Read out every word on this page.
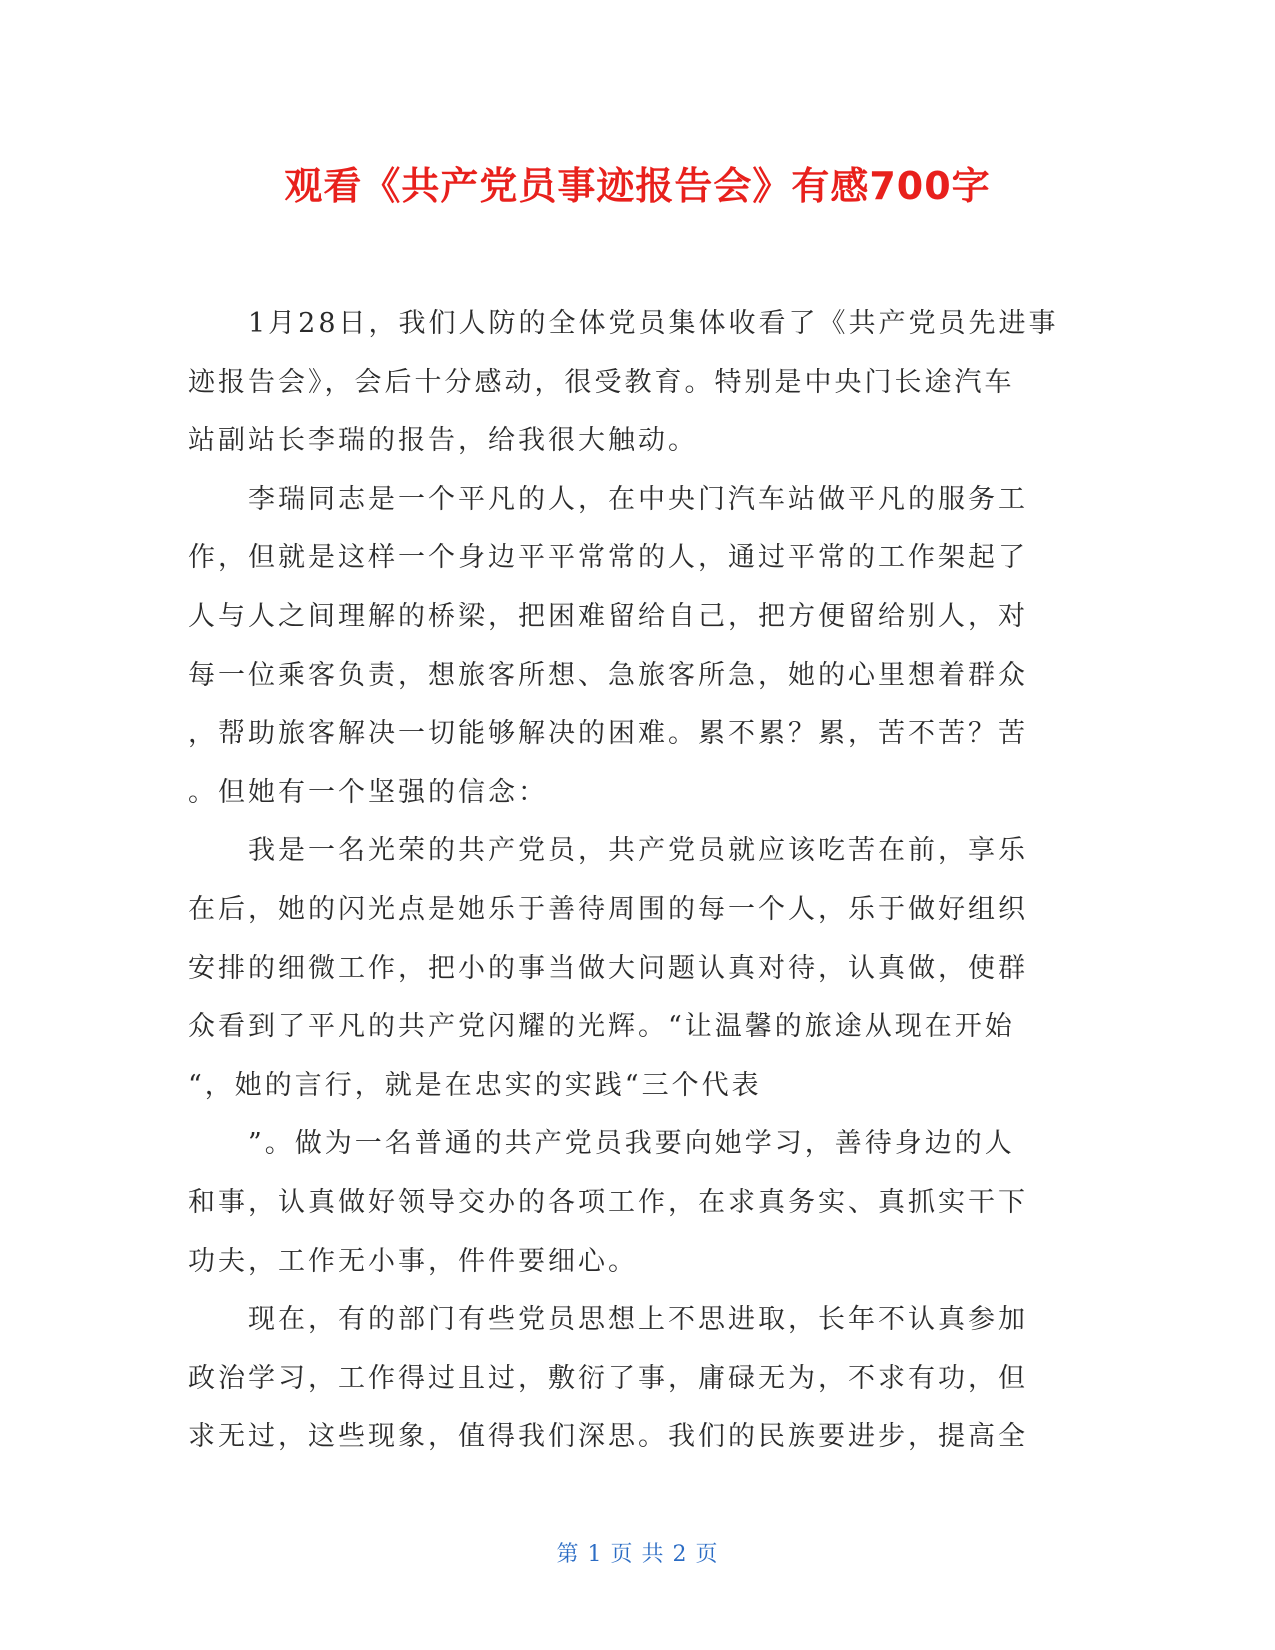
观看《共产党员事迹报告会》有感700字
　　1月28日，我们人防的全体党员集体收看了《共产党员先进事
迹报告会》，会后十分感动，很受教育。特别是中央门长途汽车
站副站长李瑞的报告，给我很大触动。
　　李瑞同志是一个平凡的人，在中央门汽车站做平凡的服务工
作，但就是这样一个身边平平常常的人，通过平常的工作架起了
人与人之间理解的桥梁，把困难留给自己，把方便留给别人，对
每一位乘客负责，想旅客所想、急旅客所急，她的心里想着群众
，帮助旅客解决一切能够解决的困难。累不累？累，苦不苦？苦
。但她有一个坚强的信念：
　　我是一名光荣的共产党员，共产党员就应该吃苦在前，享乐
在后，她的闪光点是她乐于善待周围的每一个人，乐于做好组织
安排的细微工作，把小的事当做大问题认真对待，认真做，使群
众看到了平凡的共产党闪耀的光辉。“让温馨的旅途从现在开始
“，她的言行，就是在忠实的实践“三个代表
　　”。做为一名普通的共产党员我要向她学习，善待身边的人
和事，认真做好领导交办的各项工作，在求真务实、真抓实干下
功夫，工作无小事，件件要细心。
　　现在，有的部门有些党员思想上不思进取，长年不认真参加
政治学习，工作得过且过，敷衍了事，庸碌无为，不求有功，但
求无过，这些现象，值得我们深思。我们的民族要进步，提高全
第 1 页 共 2 页
